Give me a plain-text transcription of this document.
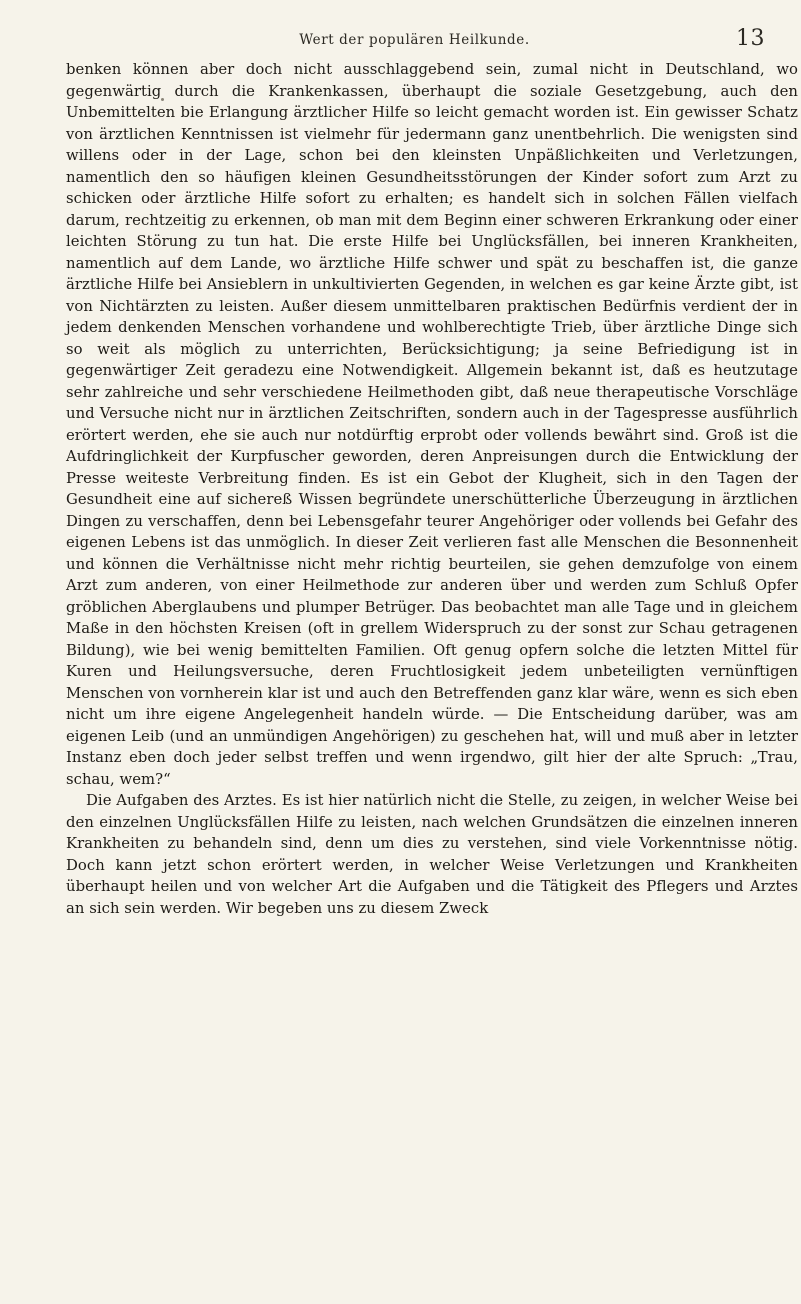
Wert der populären Heilkunde.	13

benken können aber doch nicht ausschlaggebend sein, zumal nicht in Deutschland, wo gegenwärtig durch die Krankenkassen, überhaupt die soziale Gesetzgebung, auch den Unbemittelten bie Erlangung ärztlicher Hilfe so leicht gemacht worden ist. Ein gewisser Schatz von ärztlichen Kenntnissen ist vielmehr für jedermann ganz unentbehrlich. Die wenigsten sind willens oder in der Lage, schon bei den kleinsten Unpäßlichkeiten und Verletzungen, namentlich den so häufigen kleinen Gesundheitsstörungen der Kinder sofort zum Arzt zu schicken oder ärztliche Hilfe sofort zu erhalten; es handelt sich in solchen Fällen vielfach darum, rechtzeitig zu erkennen, ob man mit dem Beginn einer schweren Erkrankung oder einer leichten Störung zu tun hat. Die erste Hilfe bei Unglücksfällen, bei inneren Krankheiten, namentlich auf dem Lande, wo ärztliche Hilfe schwer und spät zu beschaffen ist, die ganze ärztliche Hilfe bei Ansieblern in unkultivierten Gegenden, in welchen es gar keine Ärzte gibt, ist von Nichtärzten zu leisten. Außer diesem unmittelbaren praktischen Bedürfnis verdient der in jedem denkenden Menschen vorhandene und wohlberechtigte Trieb, über ärztliche Dinge sich so weit als möglich zu unterrichten, Berücksichtigung; ja seine Befriedigung ist in gegenwärtiger Zeit geradezu eine Notwendigkeit. Allgemein bekannt ist, daß es heutzutage sehr zahlreiche und sehr verschiedene Heilmethoden gibt, daß neue therapeutische Vorschläge und Versuche nicht nur in ärztlichen Zeitschriften, sondern auch in der Tagespresse ausführlich erörtert werden, ehe sie auch nur notdürftig erprobt oder vollends bewährt sind. Groß ist die Aufdringlichkeit der Kurpfuscher geworden, deren Anpreisungen durch die Entwicklung der Presse weiteste Verbreitung finden. Es ist ein Gebot der Klugheit, sich in den Tagen der Gesundheit eine auf sichereß Wissen begründete unerschütterliche Überzeugung in ärztlichen Dingen zu verschaffen, denn bei Lebensgefahr teurer Angehöriger oder vollends bei Gefahr des eigenen Lebens ist das unmöglich. In dieser Zeit verlieren fast alle Menschen die Besonnenheit und können die Verhältnisse nicht mehr richtig beurteilen, sie gehen demzufolge von einem Arzt zum anderen, von einer Heilmethode zur anderen über und werden zum Schluß Opfer gröblichen Aberglaubens und plumper Betrüger. Das beobachtet man alle Tage und in gleichem Maße in den höchsten Kreisen (oft in grellem Widerspruch zu der sonst zur Schau getragenen Bildung), wie bei wenig bemittelten Familien. Oft genug opfern solche die letzten Mittel für Kuren und Heilungsversuche, deren Fruchtlosigkeit jedem unbeteiligten vernünftigen Menschen von vornherein klar ist und auch den Betreffenden ganz klar wäre, wenn es sich eben nicht um ihre eigene Angelegenheit handeln würde. — Die Entscheidung darüber, was am eigenen Leib (und an unmündigen Angehörigen) zu geschehen hat, will und muß aber in letzter Instanz eben doch jeder selbst treffen und wenn irgendwo, gilt hier der alte Spruch: „Trau, schau, wem?“

Die Aufgaben des Arztes. Es ist hier natürlich nicht die Stelle, zu zeigen, in welcher Weise bei den einzelnen Unglücksfällen Hilfe zu leisten, nach welchen Grundsätzen die einzelnen inneren Krankheiten zu behandeln sind, denn um dies zu verstehen, sind viele Vorkenntnisse nötig. Doch kann jetzt schon erörtert werden, in welcher Weise Verletzungen und Krankheiten überhaupt heilen und von welcher Art die Aufgaben und die Tätigkeit des Pflegers und Arztes an sich sein werden. Wir begeben uns zu diesem Zweck
